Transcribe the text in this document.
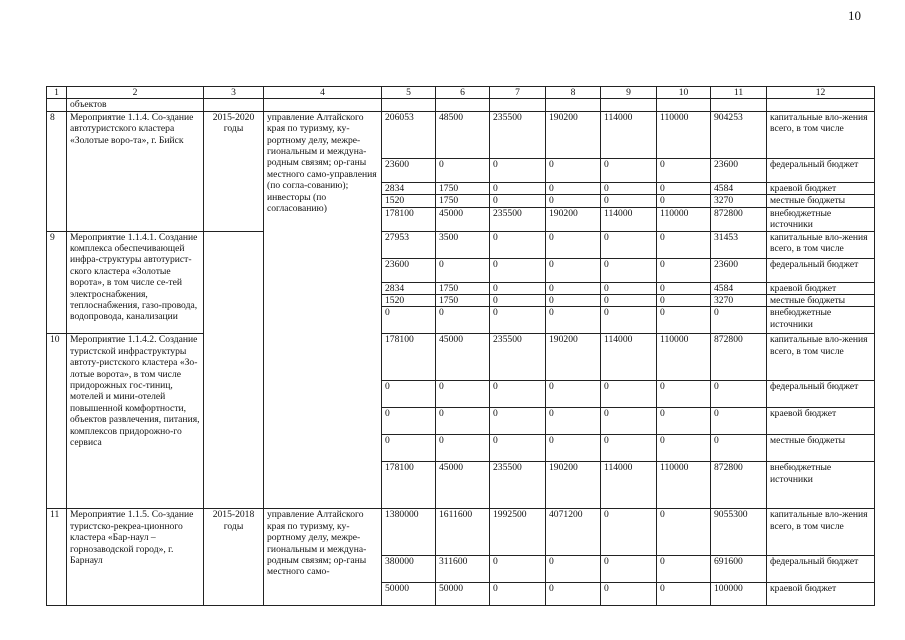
10
1	2	3	4	5	6	7	8	9	10	11	12
	объектов										
8	Мероприятие 1.1.4. Со-здание автотуристского кластера «Золотые воро-та», г. Бийск	2015-2020 годы	управление Алтайского края по туризму, ку-рортному делу, межре-гиональным и междуна-родным связям; ор-ганы местного само-управления (по согла-сованию); инвесторы (по согласованию)	206053	48500	235500	190200	114000	110000	904253	капитальные вло-жения всего, в том числе
				23600	0	0	0	0	0	23600	федеральный бюджет
				2834	1750	0	0	0	0	4584	краевой бюджет
				1520	1750	0	0	0	0	3270	местные бюджеты
				178100	45000	235500	190200	114000	110000	872800	внебюджетные источники
9	Мероприятие 1.1.4.1. Создание комплекса обеспечивающей инфра-структуры автотурист-ского кластера «Золотые ворота», в том числе се-тей электроснабжения, теплоснабжения, газо-провода, водопровода, канализации			27953	3500	0	0	0	0	31453	капитальные вло-жения всего, в том числе
				23600	0	0	0	0	0	23600	федеральный бюджет
				2834	1750	0	0	0	0	4584	краевой бюджет
				1520	1750	0	0	0	0	3270	местные бюджеты
				0	0	0	0	0	0	0	внебюджетные источники
10	Мероприятие 1.1.4.2. Создание туристской инфраструктуры автоту-ристского кластера «Зо-лотые ворота», в том числе придорожных гос-тиниц, мотелей и мини-отелей повышенной комфортности, объектов развлечения, питания, комплексов придорожно-го сервиса			178100	45000	235500	190200	114000	110000	872800	капитальные вло-жения всего, в том числе
				0	0	0	0	0	0	0	федеральный бюджет
				0	0	0	0	0	0	0	краевой бюджет
				0	0	0	0	0	0	0	местные бюджеты
				178100	45000	235500	190200	114000	110000	872800	внебюджетные источники
11	Мероприятие 1.1.5. Со-здание туристско-рекреа-ционного кластера «Бар-наул – горнозаводской город», г. Барнаул	2015-2018 годы	управление Алтайского края по туризму, ку-рортному делу, межре-гиональным и междуна-родным связям; ор-ганы местного само-	1380000	1611600	1992500	4071200	0	0	9055300	капитальные вло-жения всего, в том числе
				380000	311600	0	0	0	0	691600	федеральный бюджет
				50000	50000	0	0	0	0	100000	краевой бюджет
